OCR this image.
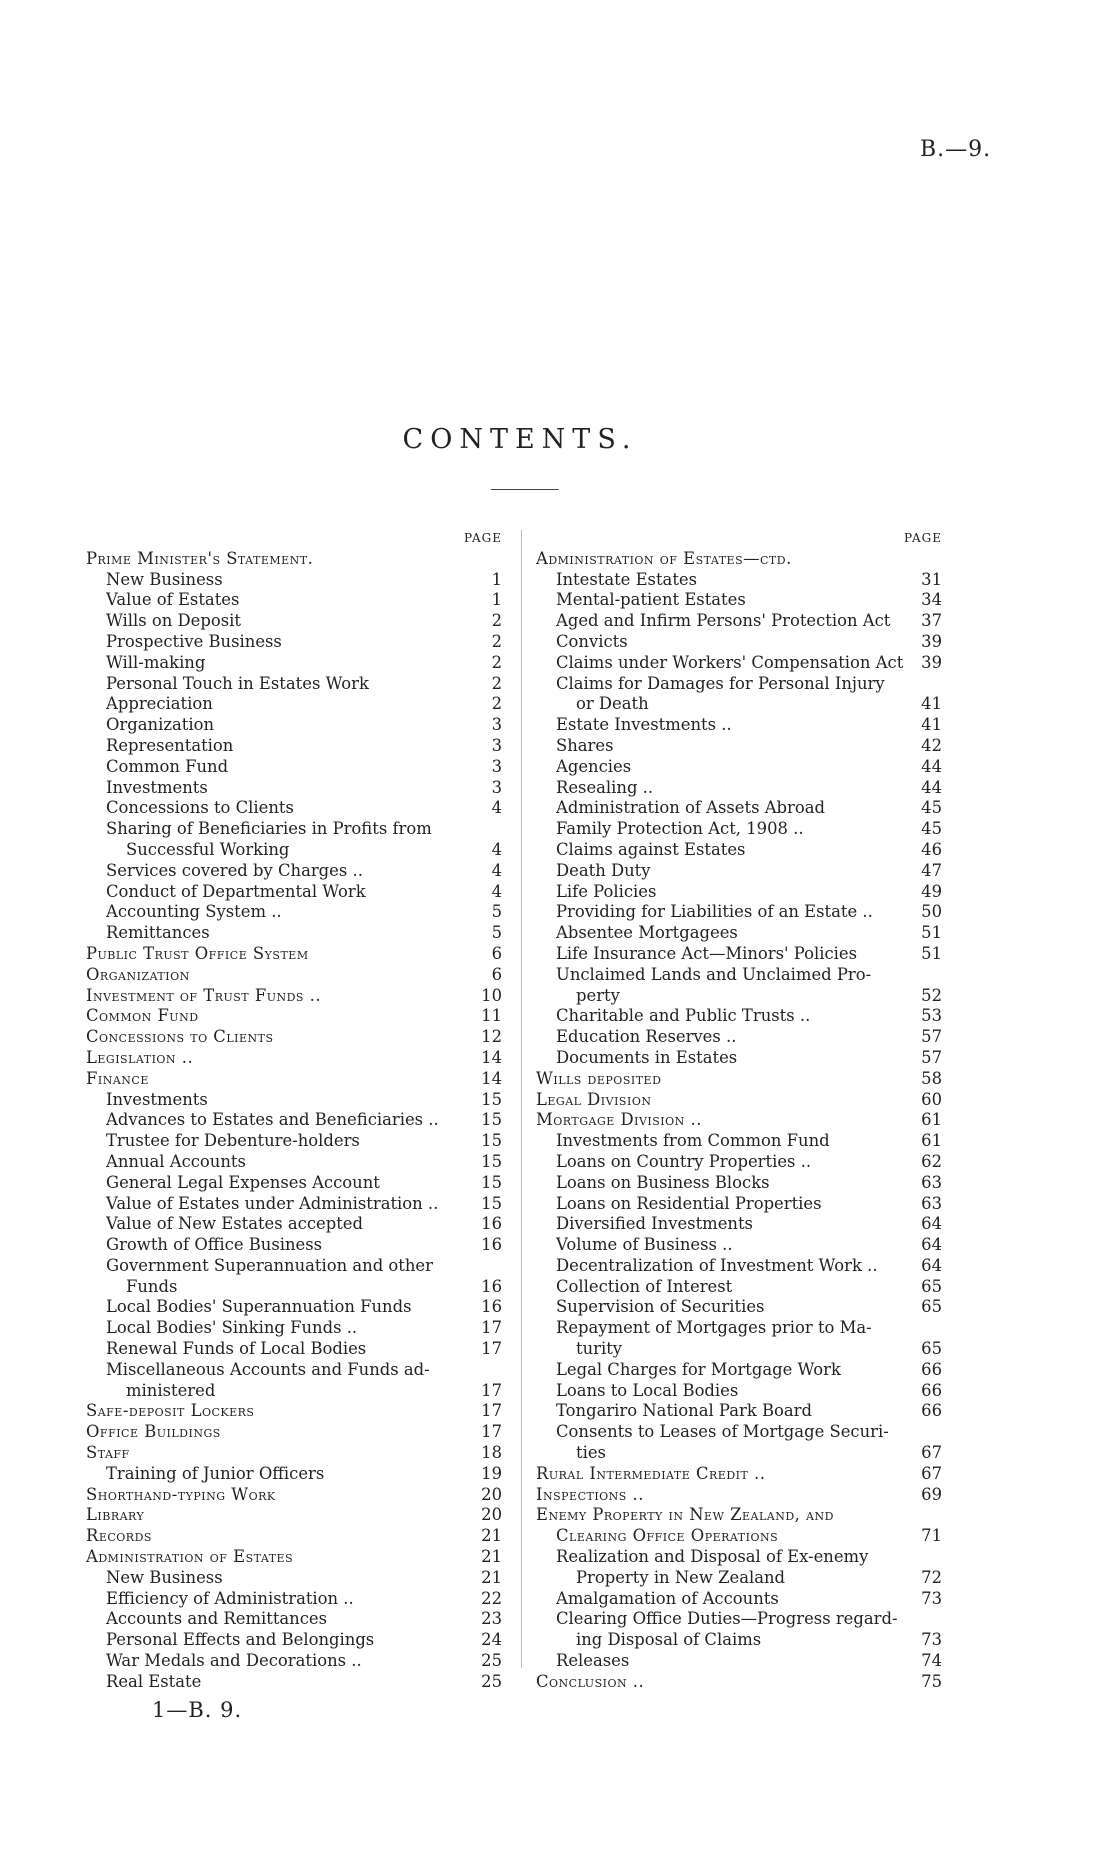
B.—9.
CONTENTS.
PAGE
Prime Minister's Statement.
New Business	1
Value of Estates	1
Wills on Deposit	2
Prospective Business	2
Will-making	2
Personal Touch in Estates Work	2
Appreciation	2
Organization	3
Representation	3
Common Fund	3
Investments	3
Concessions to Clients	4
Sharing of Beneficiaries in Profits from
Successful Working	4
Services covered by Charges ..	4
Conduct of Departmental Work	4
Accounting System ..	5
Remittances	5
Public Trust Office System	6
Organization	6
Investment of Trust Funds ..	10
Common Fund	11
Concessions to Clients	12
Legislation ..	14
Finance	14
Investments	15
Advances to Estates and Beneficiaries ..	15
Trustee for Debenture-holders	15
Annual Accounts	15
General Legal Expenses Account	15
Value of Estates under Administration ..	15
Value of New Estates accepted	16
Growth of Office Business	16
Government Superannuation and other
Funds	16
Local Bodies' Superannuation Funds	16
Local Bodies' Sinking Funds ..	17
Renewal Funds of Local Bodies	17
Miscellaneous Accounts and Funds ad-
ministered	17
Safe-deposit Lockers	17
Office Buildings	17
Staff	18
Training of Junior Officers	19
Shorthand-typing Work	20
Library	20
Records	21
Administration of Estates	21
New Business	21
Efficiency of Administration ..	22
Accounts and Remittances	23
Personal Effects and Belongings	24
War Medals and Decorations ..	25
Real Estate	25
PAGE
Administration of Estates—ctd.
Intestate Estates	31
Mental-patient Estates	34
Aged and Infirm Persons' Protection Act	37
Convicts	39
Claims under Workers' Compensation Act	39
Claims for Damages for Personal Injury
or Death	41
Estate Investments ..	41
Shares	42
Agencies	44
Resealing ..	44
Administration of Assets Abroad	45
Family Protection Act, 1908 ..	45
Claims against Estates	46
Death Duty	47
Life Policies	49
Providing for Liabilities of an Estate ..	50
Absentee Mortgagees	51
Life Insurance Act—Minors' Policies	51
Unclaimed Lands and Unclaimed Pro-
perty	52
Charitable and Public Trusts ..	53
Education Reserves ..	57
Documents in Estates	57
Wills deposited	58
Legal Division	60
Mortgage Division ..	61
Investments from Common Fund	61
Loans on Country Properties ..	62
Loans on Business Blocks	63
Loans on Residential Properties	63
Diversified Investments	64
Volume of Business ..	64
Decentralization of Investment Work ..	64
Collection of Interest	65
Supervision of Securities	65
Repayment of Mortgages prior to Ma-
turity	65
Legal Charges for Mortgage Work	66
Loans to Local Bodies	66
Tongariro National Park Board	66
Consents to Leases of Mortgage Securi-
ties	67
Rural Intermediate Credit ..	67
Inspections ..	69
Enemy Property in New Zealand, and
Clearing Office Operations	71
Realization and Disposal of Ex-enemy
Property in New Zealand	72
Amalgamation of Accounts	73
Clearing Office Duties—Progress regard-
ing Disposal of Claims	73
Releases	74
Conclusion ..	75
1—B. 9.
